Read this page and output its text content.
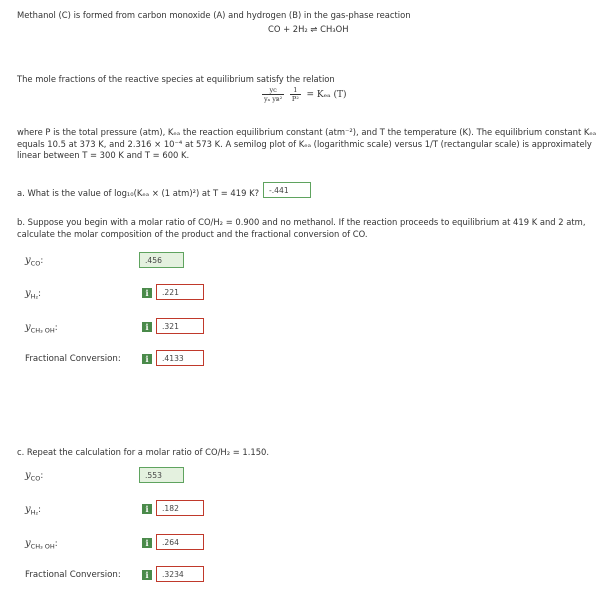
Methanol (C) is formed from carbon monoxide (A) and hydrogen (B) in the gas-phase reaction
CO + 2H₂ ⇌ CH₃OH
The mole fractions of the reactive species at equilibrium satisfy the relation
$\frac{\text{yᴄ}}{\text{yₐ yʙ²}}$
$\frac{1}{\text{P²}} = K_{ea}$ (T)
where P is the total pressure (atm), Kₑₐ the reaction equilibrium constant (atm⁻²), and T the temperature (K). The equilibrium constant Kₑₐ equals 10.5 at 373 K, and 2.316 × 10⁻⁴ at 573 K. A semilog plot of Kₑₐ (logarithmic scale) versus 1/T (rectangular scale) is approximately linear between T = 300 K and T = 600 K.
a. What is the value of log₁₀(Kₑₐ × (1 atm)²) at T = 419 K?	-.441
b. Suppose you begin with a molar ratio of CO/H₂ = 0.900 and no methanol. If the reaction proceeds to equilibrium at 419 K and 2 atm, calculate the molar composition of the product and the fractional conversion of CO.
$y_{CO}$:	.456
$y_{H_2}$:	i	.221
$y_{CH_3 OH}$:	i	.321
Fractional Conversion:	i	.4133
c. Repeat the calculation for a molar ratio of CO/H₂ = 1.150.
$y_{CO}$:	.553
$y_{H_2}$:	i	.182
$y_{CH_3 OH}$:	i	.264
Fractional Conversion:	i	.3234
